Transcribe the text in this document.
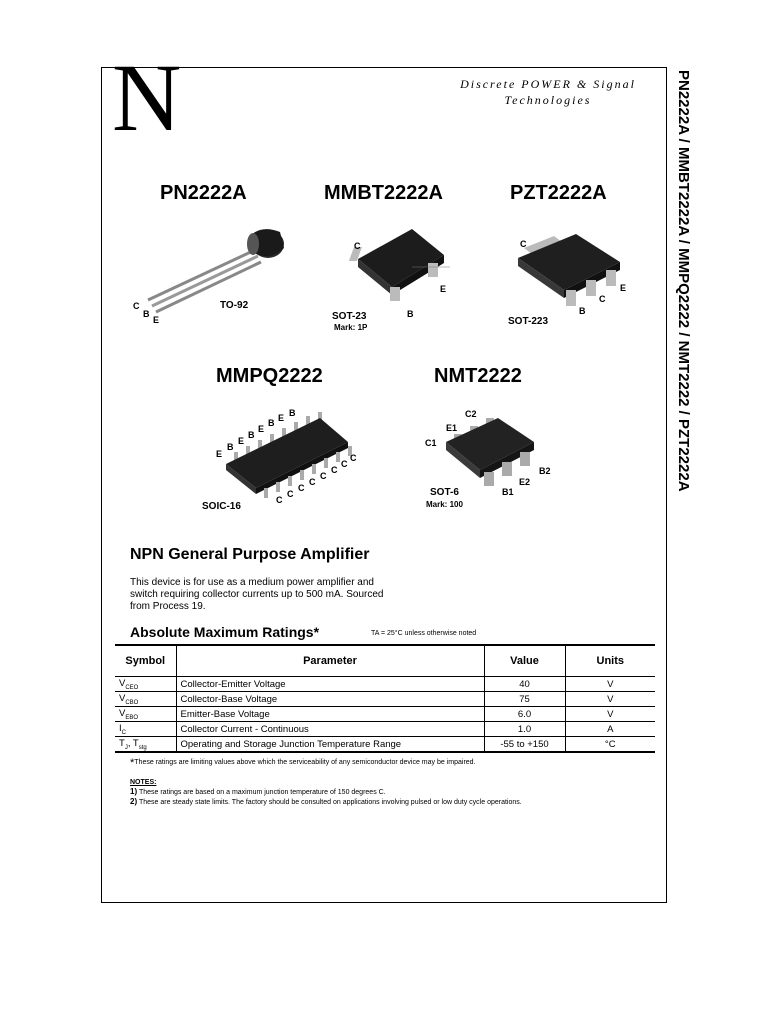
N	Discrete POWER & Signal
Technologies	PN2222A / MMBT2222A / MMPQ2222 / NMT2222 / PZT2222A
PN2222A
C
B
E
TO-92
MMBT2222A
C
E
B
SOT-23
Mark: 1P
PZT2222A
C
E
C
B
SOT-223
MMPQ2222
E
B
E
B
E
B E B
C
C
C
C
C
C
C
C
SOIC-16
NMT2222
C2
E1
C1
B2
E2
B1
SOT-6
Mark: 100
NPN General Purpose Amplifier
This device is for use as a medium power amplifier and switch requiring collector currents up to 500 mA. Sourced from Process 19.
Absolute Maximum Ratings*	TA = 25°C unless otherwise noted
Symbol	Parameter	Value	Units
$V_{CEO}$	Collector-Emitter Voltage	40	V
$V_{CBO}$	Collector-Base Voltage	75	V
$V_{EBO}$	Emitter-Base Voltage	6.0	V
$I_C$	Collector Current - Continuous	1.0	A
$T_J$, $T_{stg}$	Operating and Storage Junction Temperature Range	-55 to +150	°C
*These ratings are limiting values above which the serviceability of any semiconductor device may be impaired.
NOTES:
1) These ratings are based on a maximum junction temperature of 150 degrees C.
2) These are steady state limits. The factory should be consulted on applications involving pulsed or low duty cycle operations.
